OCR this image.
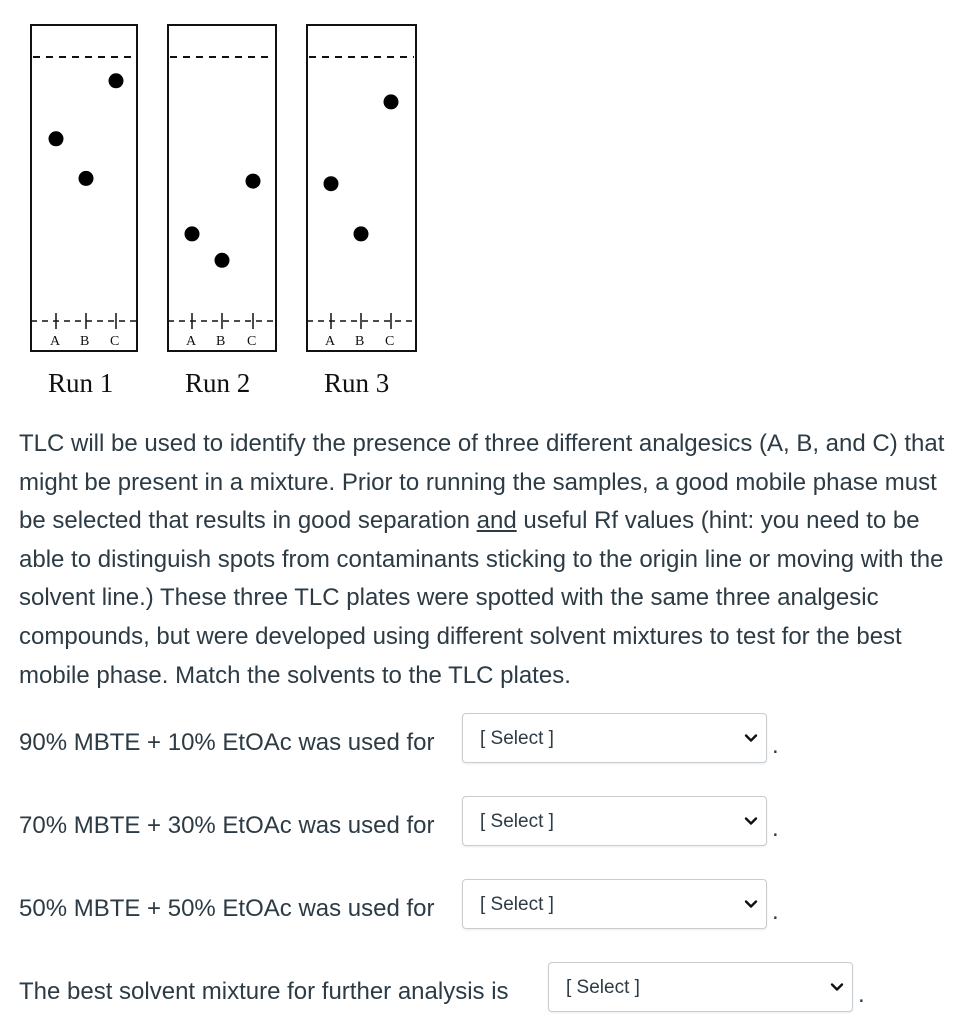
A B C
Run 1
A B C
Run 2
A B C
Run 3

TLC will be used to identify the presence of three different analgesics (A, B, and C) that might be present in a mixture. Prior to running the samples, a good mobile phase must be selected that results in good separation and useful Rf values (hint: you need to be able to distinguish spots from contaminants sticking to the origin line or moving with the solvent line.) These three TLC plates were spotted with the same three analgesic compounds, but were developed using different solvent mixtures to test for the best mobile phase. Match the solvents to the TLC plates.

90% MBTE + 10% EtOAc was used for [ Select ]	.
70% MBTE + 30% EtOAc was used for [ Select ]	.
50% MBTE + 50% EtOAc was used for [ Select ]	.
The best solvent mixture for further analysis is	[ Select ]	.
